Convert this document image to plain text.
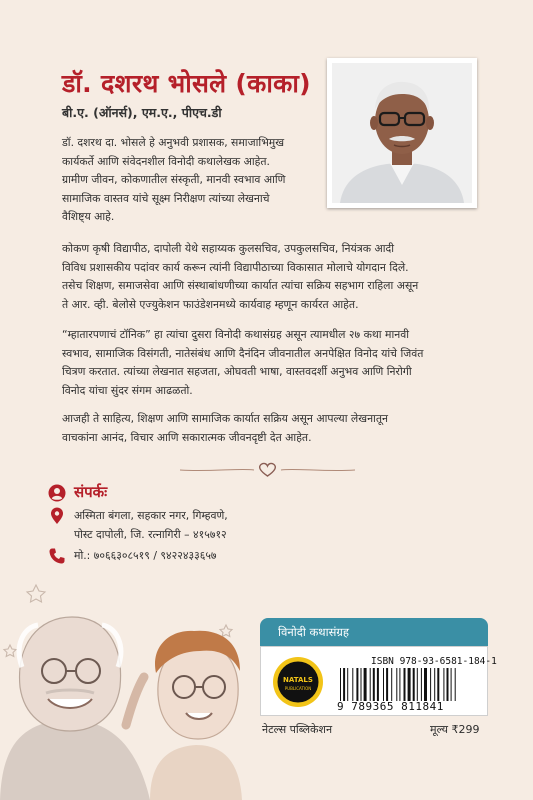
डॉ. दशरथ भोसले (काका)
बी.ए. (ऑनर्स), एम.ए., पीएच.डी
डॉ. दशरथ दा. भोसले हे अनुभवी प्रशासक, समाजाभिमुख
कार्यकर्ते आणि संवेदनशील विनोदी कथालेखक आहेत.
ग्रामीण जीवन, कोकणातील संस्कृती, मानवी स्वभाव आणि
सामाजिक वास्तव यांचे सूक्ष्म निरीक्षण त्यांच्या लेखनाचे
वैशिष्ट्य आहे.
कोकण कृषी विद्यापीठ, दापोली येथे सहाय्यक कुलसचिव, उपकुलसचिव, नियंत्रक आदी
विविध प्रशासकीय पदांवर कार्य करून त्यांनी विद्यापीठाच्या विकासात मोलाचे योगदान दिले.
तसेच शिक्षण, समाजसेवा आणि संस्थाबांधणीच्या कार्यात त्यांचा सक्रिय सहभाग राहिला असून
ते आर. व्ही. बेलोसे एज्युकेशन फाउंडेशनमध्ये कार्यवाह म्हणून कार्यरत आहेत.
“म्हातारपणाचं टॉनिक” हा त्यांचा दुसरा विनोदी कथासंग्रह असून त्यामधील २७ कथा मानवी
स्वभाव, सामाजिक विसंगती, नातेसंबंध आणि दैनंदिन जीवनातील अनपेक्षित विनोद यांचे जिवंत
चित्रण करतात. त्यांच्या लेखनात सहजता, ओघवती भाषा, वास्तवदर्शी अनुभव आणि निरोगी
विनोद यांचा सुंदर संगम आढळतो.
आजही ते साहित्य, शिक्षण आणि सामाजिक कार्यात सक्रिय असून आपल्या लेखनातून
वाचकांना आनंद, विचार आणि सकारात्मक जीवनदृष्टी देत आहेत.
संपर्कः
अस्मिता बंगला, सहकार नगर, गिम्हवणे,
पोस्ट दापोली, जि. रत्नागिरी – ४१५७१२
मो.: ७०६६३०८५१९ / ९४२२४३३६५७
विनोदी कथासंग्रह
NATALS
PUBLICATION
ISBN 978-93-6581-184-1
9 789365 811841
नेटल्स पब्लिकेशन	मूल्य ₹299
